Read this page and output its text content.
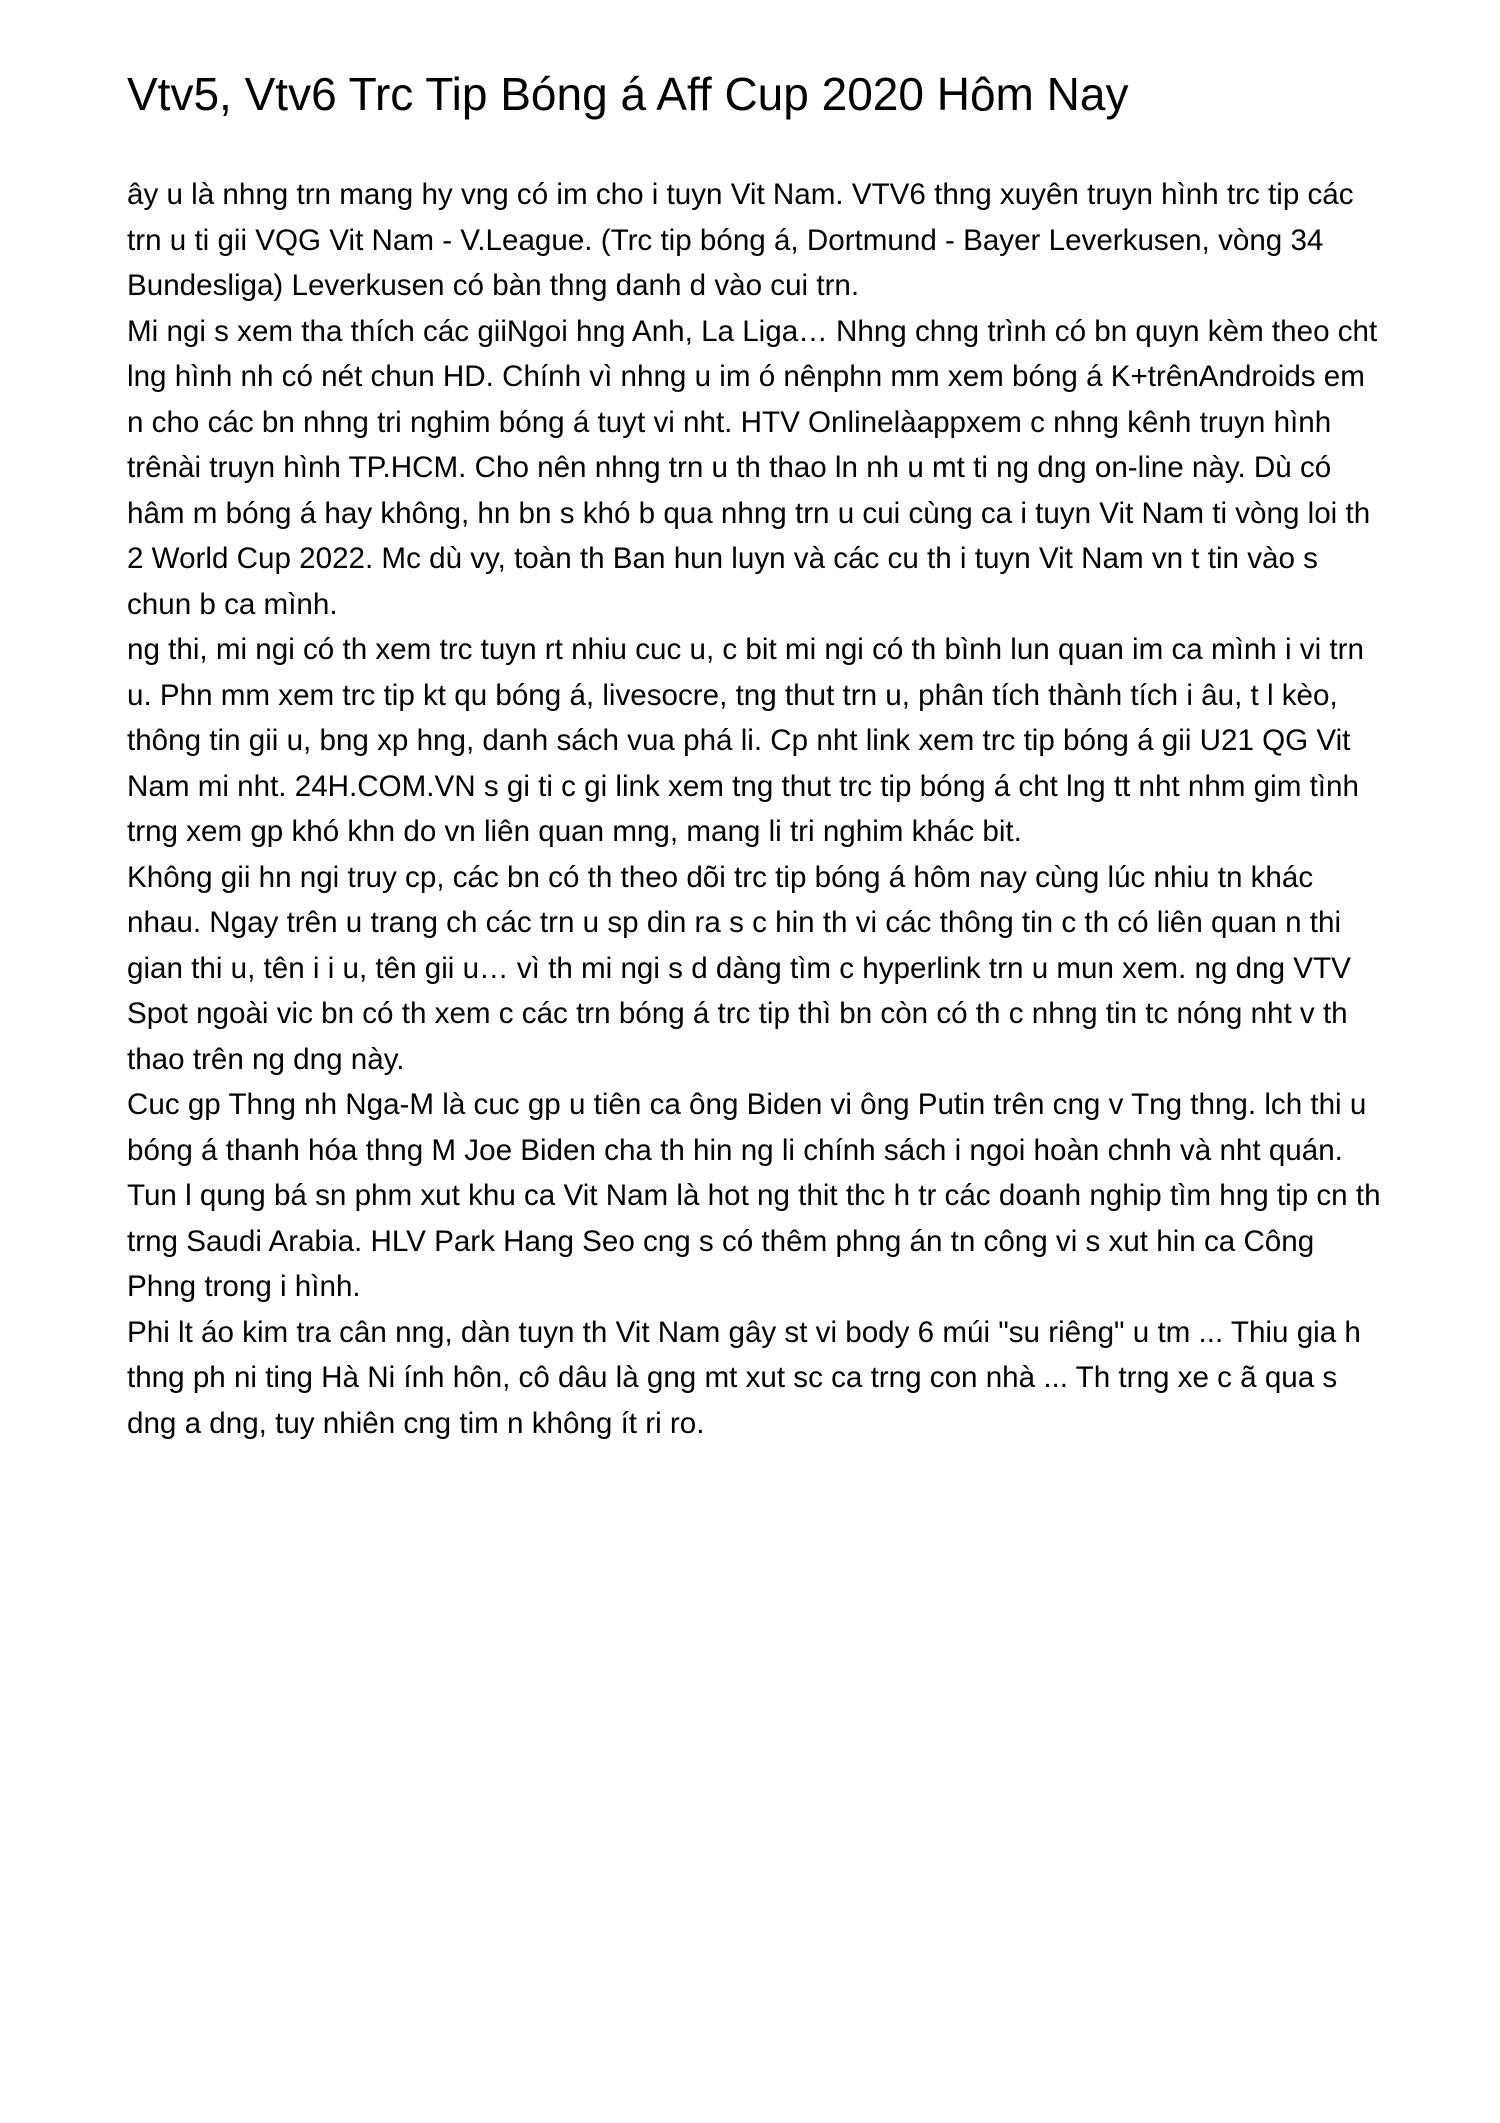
Vtv5, Vtv6 Trc Tip Bóng á Aff Cup 2020 Hôm Nay

ây u là nhng trn mang hy vng có im cho i tuyn Vit Nam. VTV6 thng xuyên truyn hình trc tip các trn u ti gii VQG Vit Nam - V.League. (Trc tip bóng á, Dortmund - Bayer Leverkusen, vòng 34 Bundesliga) Leverkusen có bàn thng danh d vào cui trn.

Mi ngi s xem tha thích các giiNgoi hng Anh, La Liga… Nhng chng trình có bn quyn kèm theo cht lng hình nh có nét chun HD. Chính vì nhng u im ó nênphn mm xem bóng á K+trênAndroids em n cho các bn nhng tri nghim bóng á tuyt vi nht. HTV Onlinelàappxem c nhng kênh truyn hình trênài truyn hình TP.HCM. Cho nên nhng trn u th thao ln nh u mt ti ng dng on-line này. Dù có hâm m bóng á hay không, hn bn s khó b qua nhng trn u cui cùng ca i tuyn Vit Nam ti vòng loi th 2 World Cup 2022. Mc dù vy, toàn th Ban hun luyn và các cu th i tuyn Vit Nam vn t tin vào s chun b ca mình.

ng thi, mi ngi có th xem trc tuyn rt nhiu cuc u, c bit mi ngi có th bình lun quan im ca mình i vi trn u. Phn mm xem trc tip kt qu bóng á, livesocre, tng thut trn u, phân tích thành tích i âu, t l kèo, thông tin gii u, bng xp hng, danh sách vua phá li. Cp nht link xem trc tip bóng á gii U21 QG Vit Nam mi nht. 24H.COM.VN s gi ti c gi link xem tng thut trc tip bóng á cht lng tt nht nhm gim tình trng xem gp khó khn do vn liên quan mng, mang li tri nghim khác bit.

Không gii hn ngi truy cp, các bn có th theo dõi trc tip bóng á hôm nay cùng lúc nhiu tn khác nhau. Ngay trên u trang ch các trn u sp din ra s c hin th vi các thông tin c th có liên quan n thi gian thi u, tên i i u, tên gii u… vì th mi ngi s d dàng tìm c hyperlink trn u mun xem. ng dng VTV Spot ngoài vic bn có th xem c các trn bóng á trc tip thì bn còn có th c nhng tin tc nóng nht v th thao trên ng dng này.

Cuc gp Thng nh Nga-M là cuc gp u tiên ca ông Biden vi ông Putin trên cng v Tng thng. lch thi u bóng á thanh hóa thng M Joe Biden cha th hin ng li chính sách i ngoi hoàn chnh và nht quán. Tun l qung bá sn phm xut khu ca Vit Nam là hot ng thit thc h tr các doanh nghip tìm hng tip cn th trng Saudi Arabia. HLV Park Hang Seo cng s có thêm phng án tn công vi s xut hin ca Công Phng trong i hình.

Phi lt áo kim tra cân nng, dàn tuyn th Vit Nam gây st vi body 6 múi "su riêng" u tm ... Thiu gia h thng ph ni ting Hà Ni ính hôn, cô dâu là gng mt xut sc ca trng con nhà ... Th trng xe c ã qua s dng a dng, tuy nhiên cng tim n không ít ri ro.
